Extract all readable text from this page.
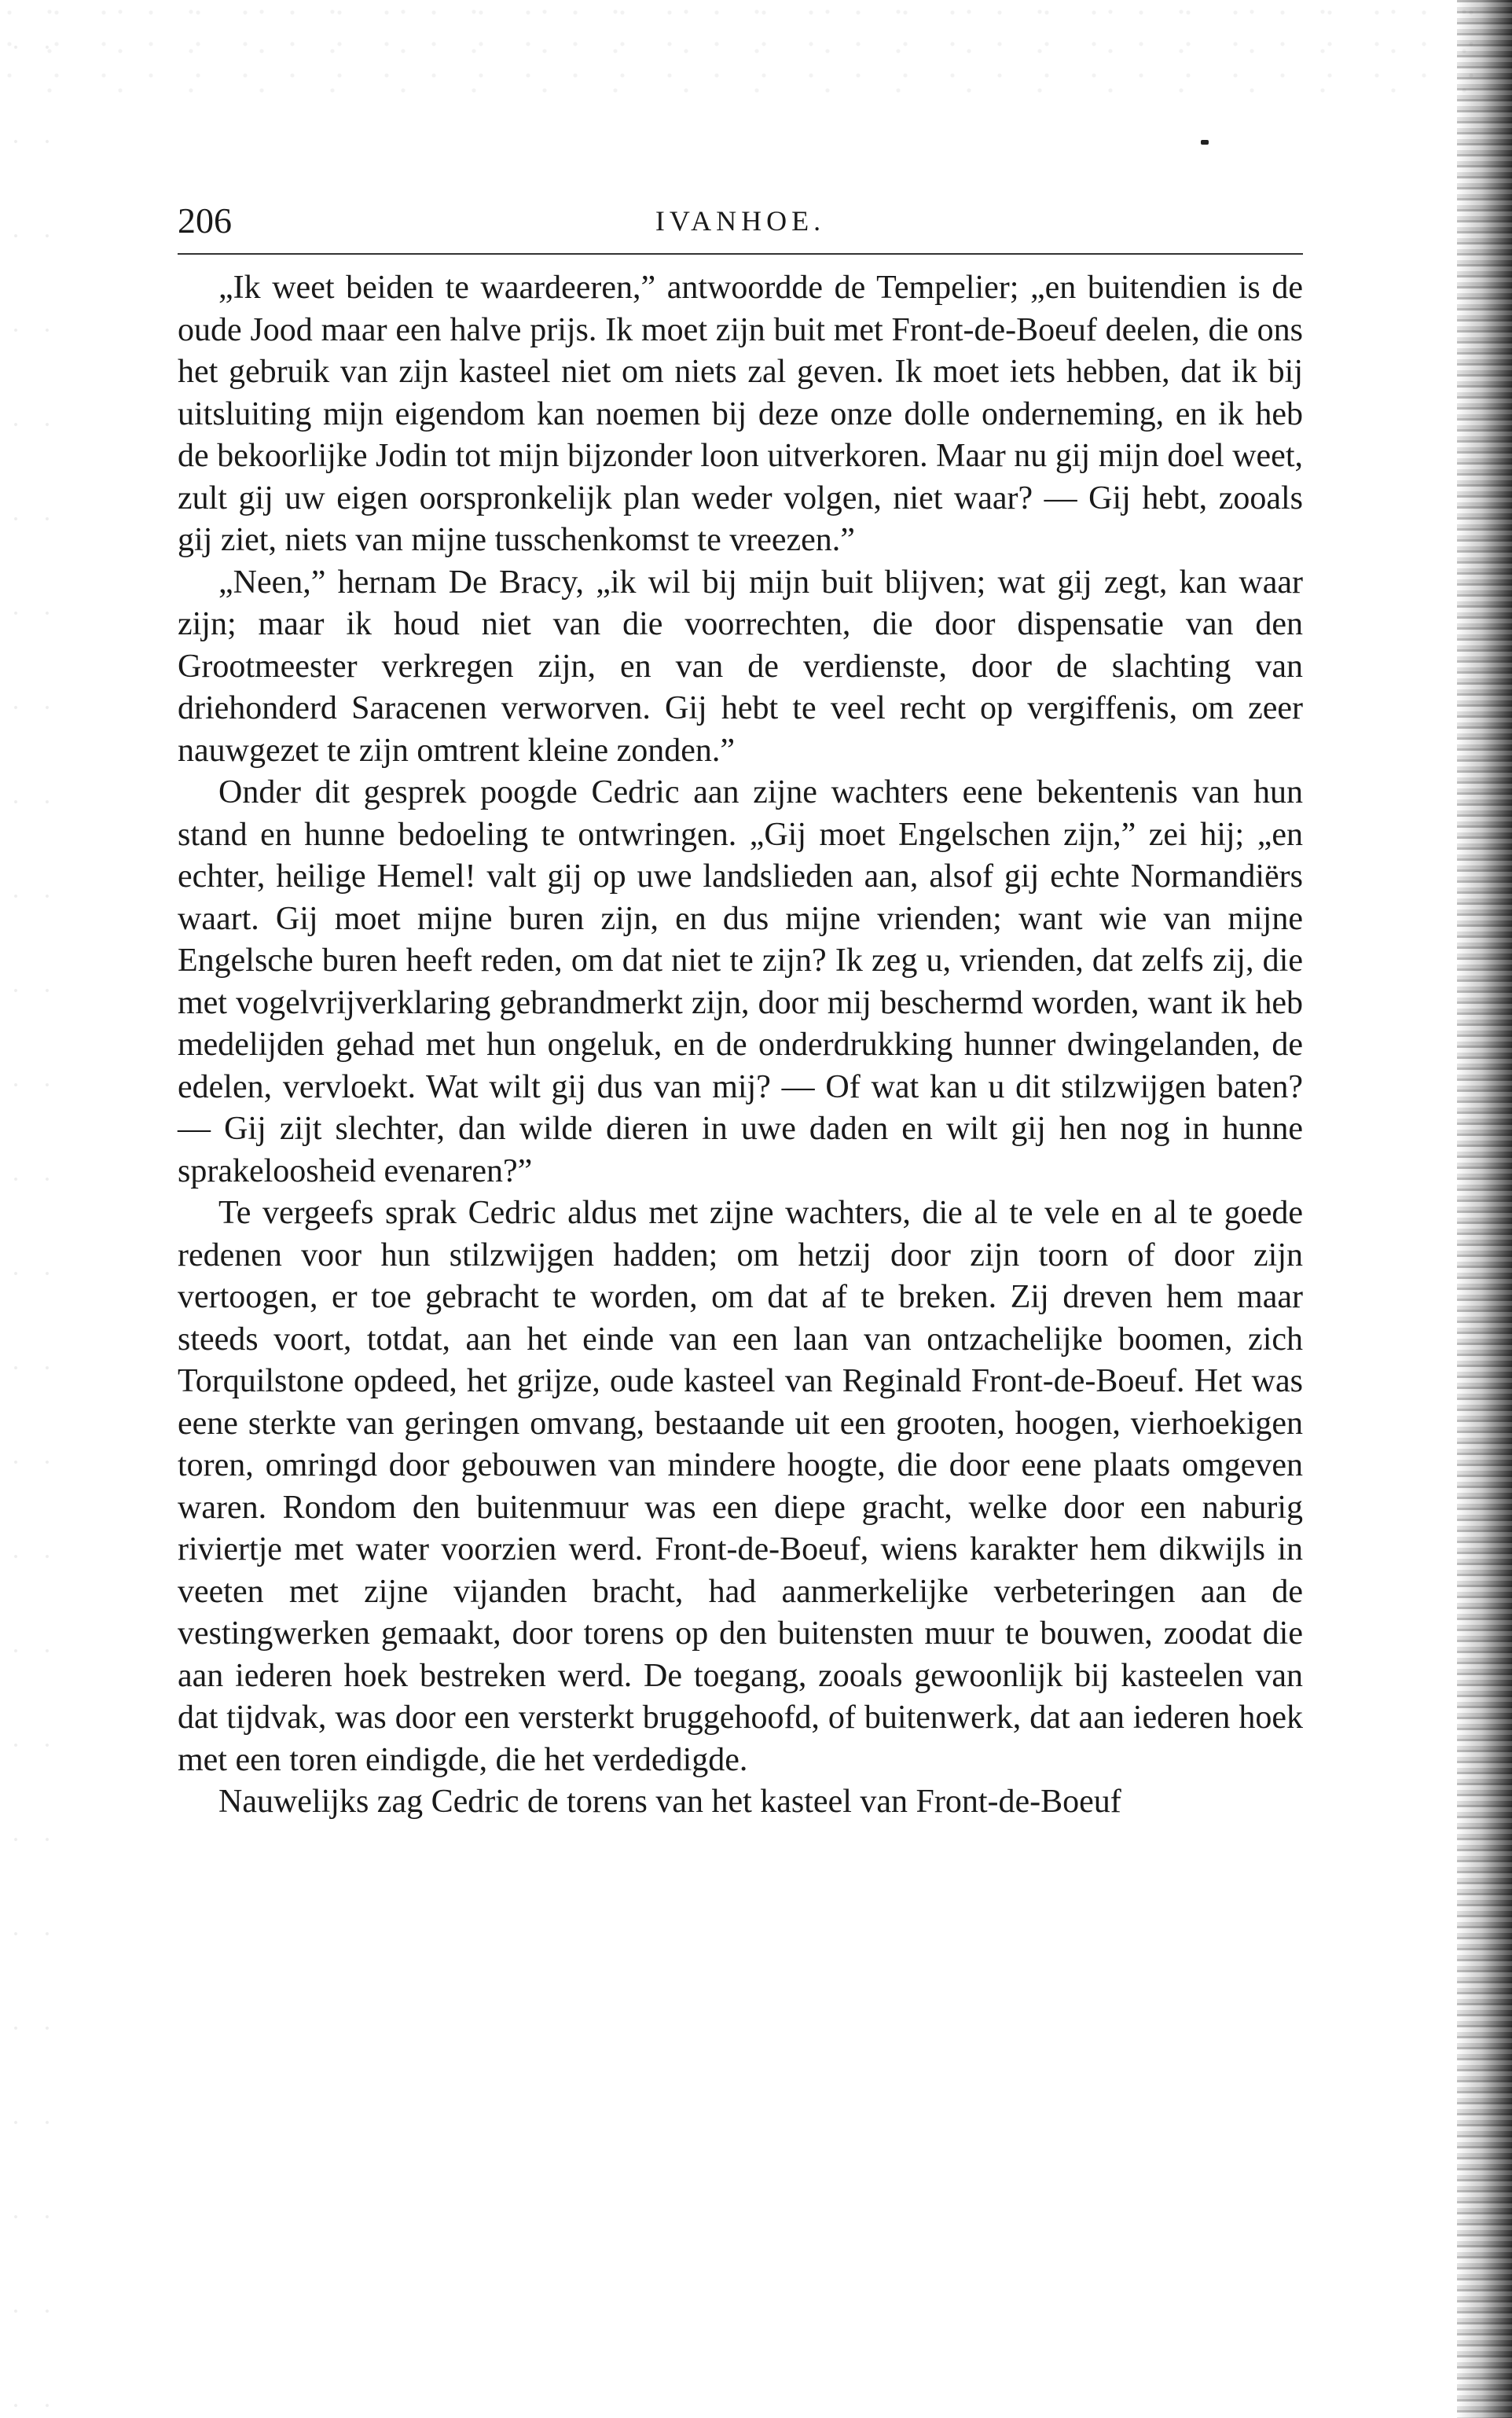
206	IVANHOE.

„Ik weet beiden te waardeeren,” antwoordde de Tempelier; „en buitendien is de oude Jood maar een halve prijs. Ik moet zijn buit met Front-de-Boeuf deelen, die ons het gebruik van zijn kasteel niet om niets zal geven. Ik moet iets hebben, dat ik bij uitsluiting mijn eigendom kan noemen bij deze onze dolle onderneming, en ik heb de bekoorlijke Jodin tot mijn bijzonder loon uitverkoren. Maar nu gij mijn doel weet, zult gij uw eigen oorspronkelijk plan weder volgen, niet waar? — Gij hebt, zooals gij ziet, niets van mijne tusschenkomst te vreezen.”

„Neen,” hernam De Bracy, „ik wil bij mijn buit blijven; wat gij zegt, kan waar zijn; maar ik houd niet van die voorrechten, die door dispensatie van den Grootmeester verkregen zijn, en van de verdienste, door de slachting van driehonderd Saracenen verworven. Gij hebt te veel recht op vergiffenis, om zeer nauwgezet te zijn omtrent kleine zonden.”

Onder dit gesprek poogde Cedric aan zijne wachters eene bekentenis van hun stand en hunne bedoeling te ontwringen. „Gij moet Engelschen zijn,” zei hij; „en echter, heilige Hemel! valt gij op uwe landslieden aan, alsof gij echte Normandiërs waart. Gij moet mijne buren zijn, en dus mijne vrienden; want wie van mijne Engelsche buren heeft reden, om dat niet te zijn? Ik zeg u, vrienden, dat zelfs zij, die met vogelvrijverklaring gebrandmerkt zijn, door mij beschermd worden, want ik heb medelijden gehad met hun ongeluk, en de onderdrukking hunner dwingelanden, de edelen, vervloekt. Wat wilt gij dus van mij? — Of wat kan u dit stilzwijgen baten? — Gij zijt slechter, dan wilde dieren in uwe daden en wilt gij hen nog in hunne sprakeloosheid evenaren?”

Te vergeefs sprak Cedric aldus met zijne wachters, die al te vele en al te goede redenen voor hun stilzwijgen hadden; om hetzij door zijn toorn of door zijn vertoogen, er toe gebracht te worden, om dat af te breken. Zij dreven hem maar steeds voort, totdat, aan het einde van een laan van ontzachelijke boomen, zich Torquilstone opdeed, het grijze, oude kasteel van Reginald Front-de-Boeuf. Het was eene sterkte van geringen omvang, bestaande uit een grooten, hoogen, vierhoekigen toren, omringd door gebouwen van mindere hoogte, die door eene plaats omgeven waren. Rondom den buitenmuur was een diepe gracht, welke door een naburig riviertje met water voorzien werd. Front-de-Boeuf, wiens karakter hem dikwijls in veeten met zijne vijanden bracht, had aanmerkelijke verbeteringen aan de vestingwerken gemaakt, door torens op den buitensten muur te bouwen, zoodat die aan iederen hoek bestreken werd. De toegang, zooals gewoonlijk bij kasteelen van dat tijdvak, was door een versterkt bruggehoofd, of buitenwerk, dat aan iederen hoek met een toren eindigde, die het verdedigde.

Nauwelijks zag Cedric de torens van het kasteel van Front-de-Boeuf
